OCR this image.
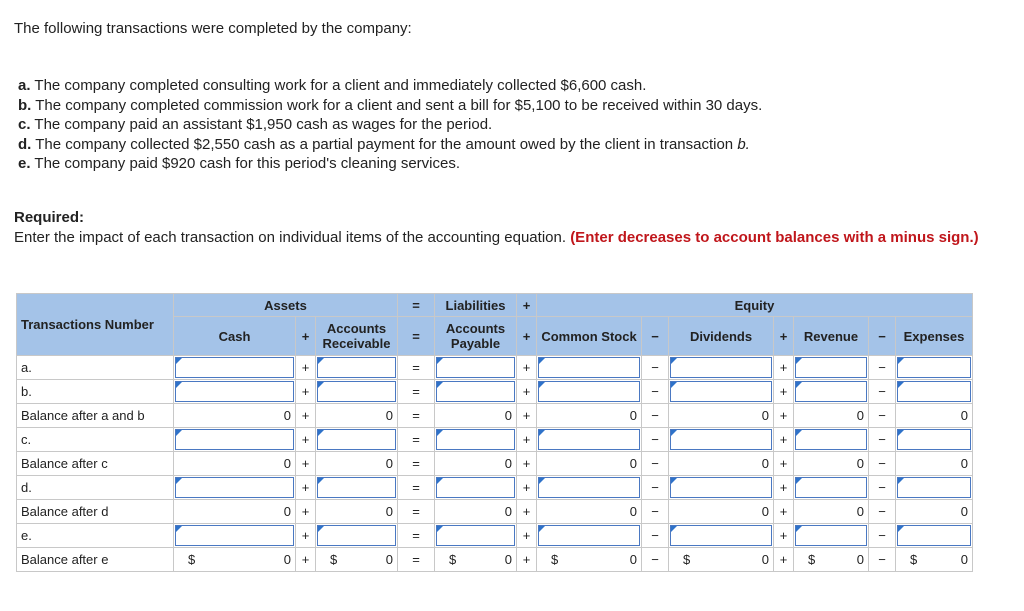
The following transactions were completed by the company:
a. The company completed consulting work for a client and immediately collected $6,600 cash.
b. The company completed commission work for a client and sent a bill for $5,100 to be received within 30 days.
c. The company paid an assistant $1,950 cash as wages for the period.
d. The company collected $2,550 cash as a partial payment for the amount owed by the client in transaction b.
e. The company paid $920 cash for this period's cleaning services.
Required:
Enter the impact of each transaction on individual items of the accounting equation. (Enter decreases to account balances with a minus sign.)
Transactions Number	Assets			=	Liabilities	+	Equity						
	Cash	+	Accounts Receivable	=	Accounts Payable	+	Common Stock	−	Dividends	+	Revenue	−	Expenses
a.		+		=		+		−		+		−	

b.		+		=		+		−		+		−	

Balance after a and b	0	+	0	=	0	+	0	−	0	+	0	−	0
c.		+		=		+		−		+		−	

Balance after c	0	+	0	=	0	+	0	−	0	+	0	−	0
d.		+		=		+		−		+		−	

Balance after d	0	+	0	=	0	+	0	−	0	+	0	−	0
e.		+		=		+		−		+		−	

Balance after e	$ 0	+	$ 0	=	$ 0	+	$ 0	−	$ 0	+	$ 0	−	$ 0
